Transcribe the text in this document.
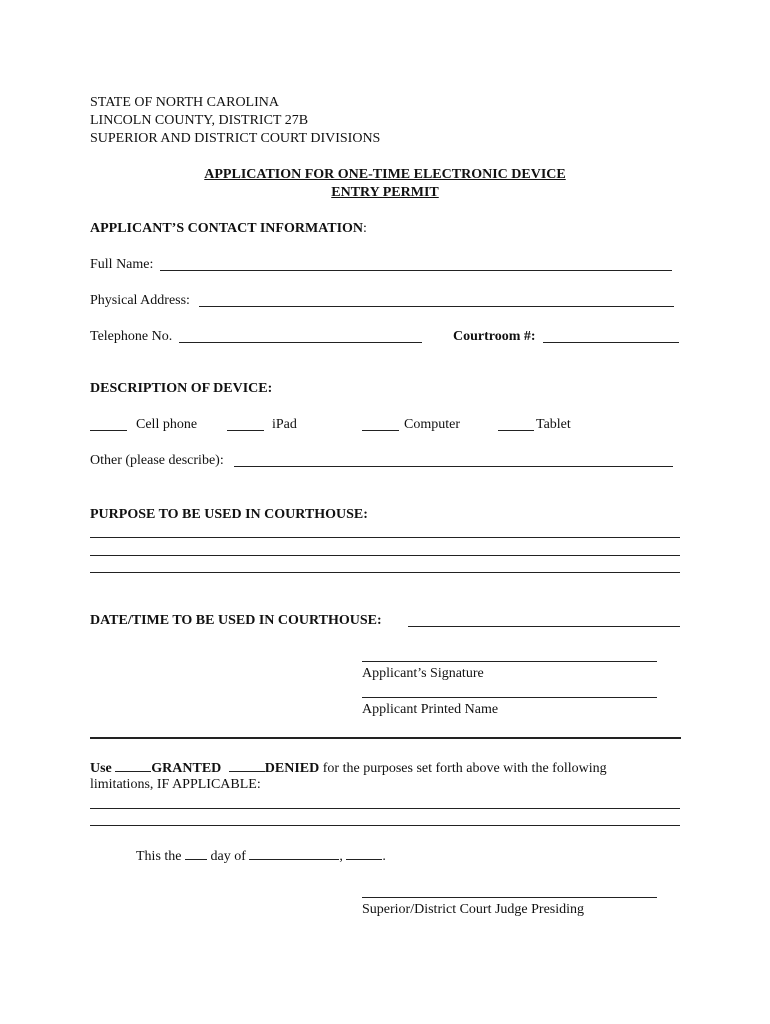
STATE OF NORTH CAROLINA
LINCOLN COUNTY, DISTRICT 27B
SUPERIOR AND DISTRICT COURT DIVISIONS
APPLICATION FOR ONE-TIME ELECTRONIC DEVICE
ENTRY PERMIT
APPLICANT’S CONTACT INFORMATION:
Full Name:
Physical Address:
Telephone No.	Courtroom #:
DESCRIPTION OF DEVICE:
Cell phone	iPad	Computer	Tablet
Other (please describe):
PURPOSE TO BE USED IN COURTHOUSE:
DATE/TIME TO BE USED IN COURTHOUSE:
Applicant’s Signature
Applicant Printed Name
Use	GRANTED	DENIED for the purposes set forth above with the following
limitations, IF APPLICABLE:
This the day of	,	.
Superior/District Court Judge Presiding
